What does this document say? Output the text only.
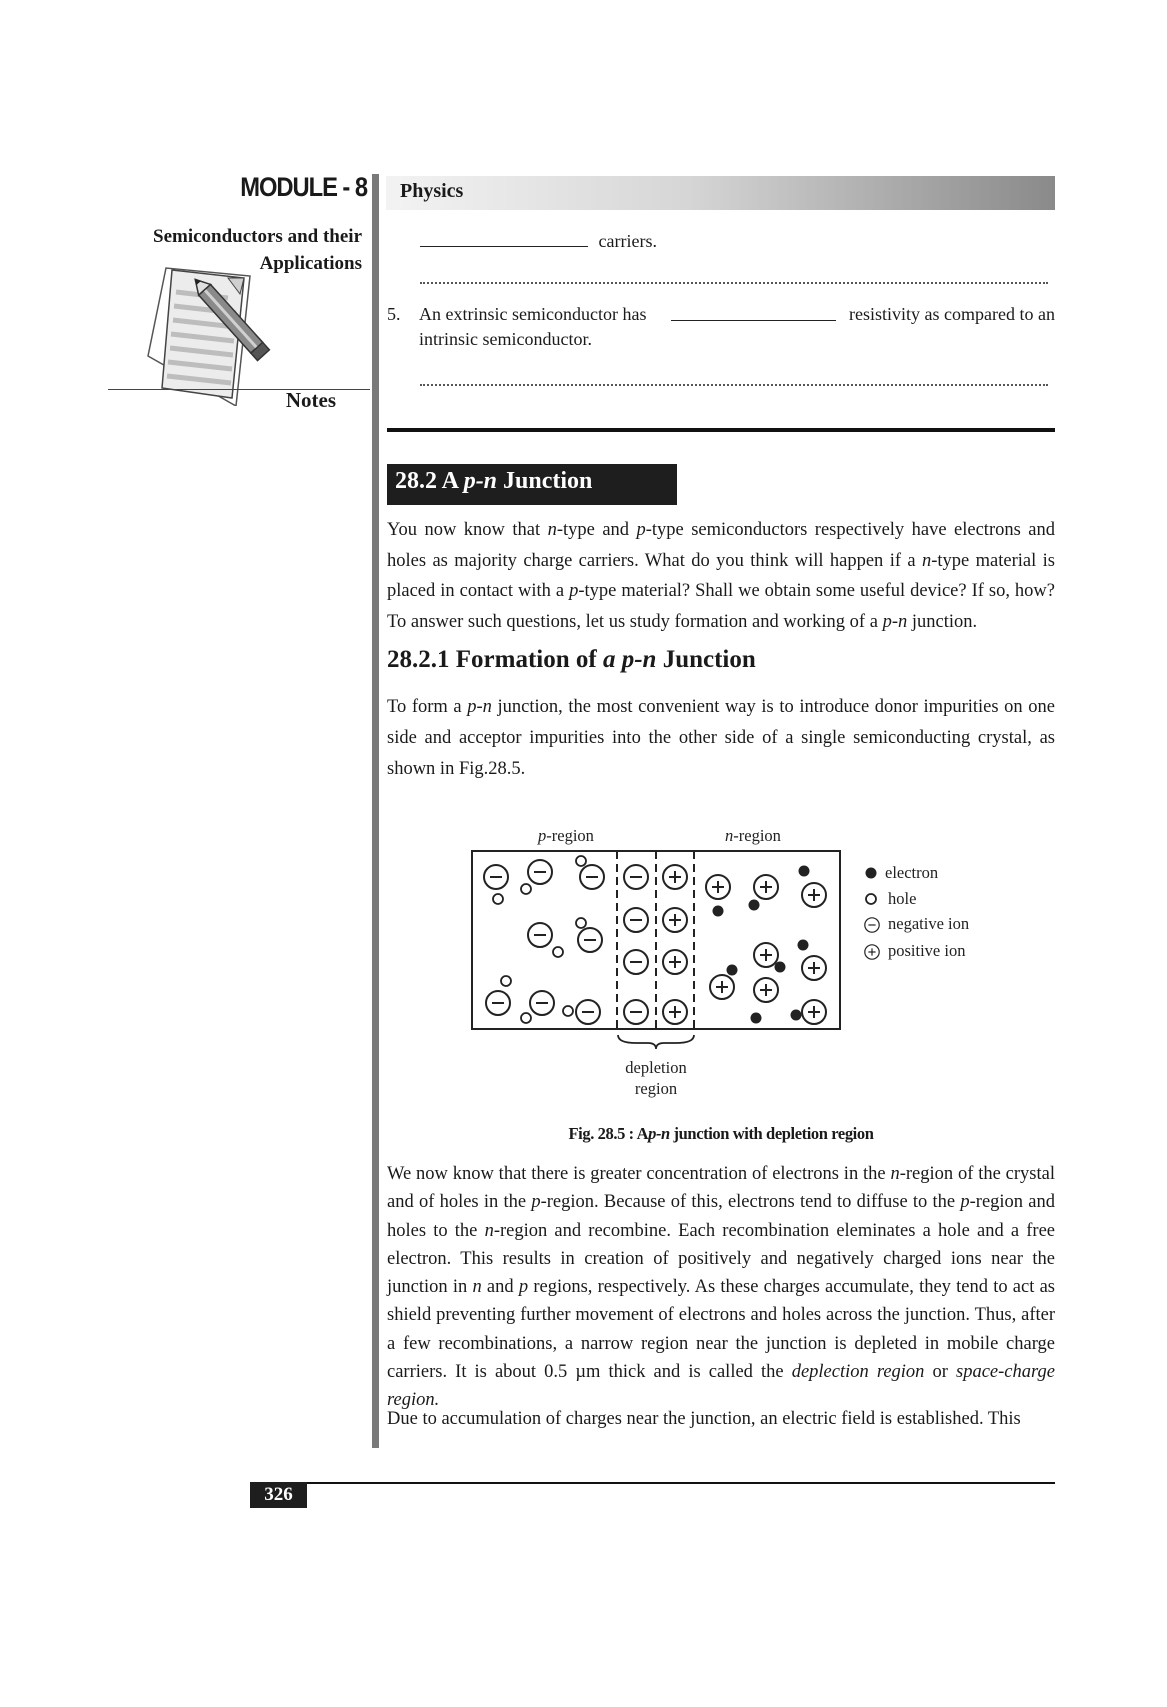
MODULE - 8
Semiconductors and their
Applications
Notes
Physics
carriers.
5. An extrinsic semiconductor has	resistivity as compared to an
intrinsic semiconductor.
28.2 A p-n Junction

You now know that n-type and p-type semiconductors respectively have electrons and holes as majority charge carriers. What do you think will happen if a n-type material is placed in contact with a p-type material? Shall we obtain some useful device? If so, how? To answer such questions, let us study formation and working of a p-n junction.

28.2.1 Formation of a p-n Junction

To form a p-n junction, the most convenient way is to introduce donor impurities on one side and acceptor impurities into the other side of a single semiconducting crystal, as shown in Fig.28.5.

p-region	n-region
depletion
region
electron
hole
negative ion
positive ion
Fig. 28.5 : Ap-n junction with depletion region

We now know that there is greater concentration of electrons in the n-region of the crystal and of holes in the p-region. Because of this, electrons tend to diffuse to the p-region and holes to the n-region and recombine. Each recombination eleminates a hole and a free electron. This results in creation of positively and negatively charged ions near the junction in n and p regions, respectively. As these charges accumulate, they tend to act as shield preventing further movement of electrons and holes across the junction. Thus, after a few recombinations, a narrow region near the junction is depleted in mobile charge carriers. It is about 0.5 µm thick and is called the deplection region or space-charge region.

Due to accumulation of charges near the junction, an electric field is established. This

326
